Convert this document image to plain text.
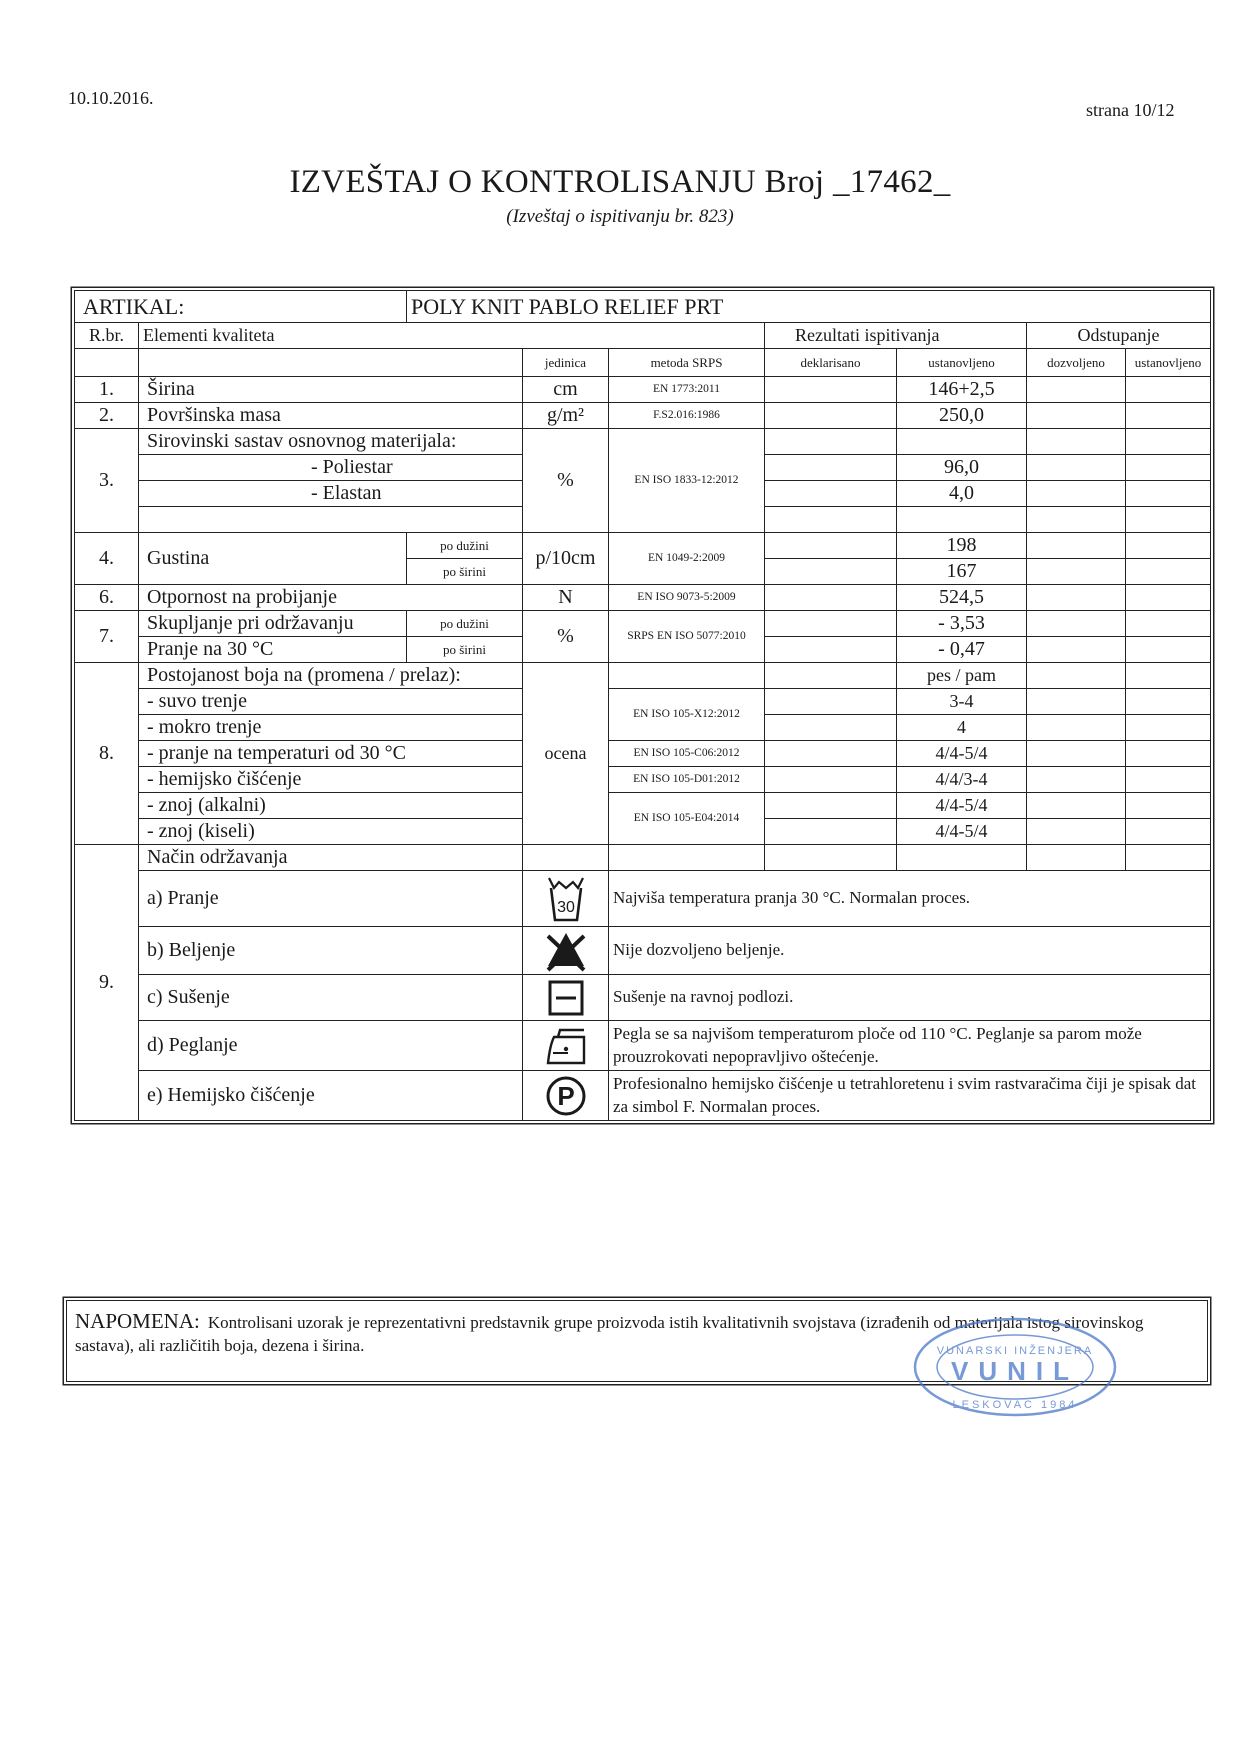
10.10.2016.
strana 10/12
IZVEŠTAJ O KONTROLISANJU Broj _17462_
(Izveštaj o ispitivanju br. 823)
ARTIKAL:		POLY KNIT PABLO RELIEF PRT						
R.br.	Elementi kvaliteta				Rezultati ispitivanja		Odstupanje	
			jedinica	metoda SRPS	deklarisano	ustanovljeno	dozvoljeno	ustanovljeno
1.	Širina		cm	EN 1773:2011		146+2,5		
2.	Površinska masa		g/m²	F.S2.016:1986		250,0		
3.	Sirovinski sastav osnovnog materijala:		%	EN ISO 1833-12:2012				
	- Poliestar					96,0		
	- Elastan					4,0		

4.	Gustina	po dužini	p/10cm	EN 1049-2:2009		198		
		po širini				167		
6.	Otpornost na probijanje		N	EN ISO 9073-5:2009		524,5		
7.	Skupljanje pri održavanju	po dužini	%	SRPS EN ISO 5077:2010		- 3,53		
	Pranje na 30 °C	po širini				- 0,47		
8.	Postojanost boja na (promena / prelaz):		ocena			pes / pam		
	- suvo trenje			EN ISO 105-X12:2012		3-4		
	- mokro trenje					4		
	- pranje na temperaturi od 30 °C			EN ISO 105-C06:2012		4/4-5/4		
	- hemijsko čišćenje			EN ISO 105-D01:2012		4/4/3-4		
	- znoj (alkalni)			EN ISO 105-E04:2014		4/4-5/4		
	- znoj (kiseli)					4/4-5/4		
9.	Način održavanja							
	a) Pranje		30	Najviša temperatura pranja 30 °C. Normalan proces.				
	b) Beljenje			Nije dozvoljeno beljenje.				
	c) Sušenje			Sušenje na ravnoj podlozi.				
	d) Peglanje			Pegla se sa najvišom temperaturom ploče od 110 °C. Peglanje sa parom može prouzrokovati nepopravljivo oštećenje.				
	e) Hemijsko čišćenje		P	Profesionalno hemijsko čišćenje u tetrahloretenu i svim rastvaračima čiji je spisak dat za simbol F. Normalan proces.				
NAPOMENA: Kontrolisani uzorak je reprezentativni predstavnik grupe proizvoda istih kvalitativnih svojstava (izrađenih od materijala istog sirovinskog sastava), ali različitih boja, dezena i širina.
VUNIL
VUNARSKI INŽENJERA
LESKOVAC 1984
